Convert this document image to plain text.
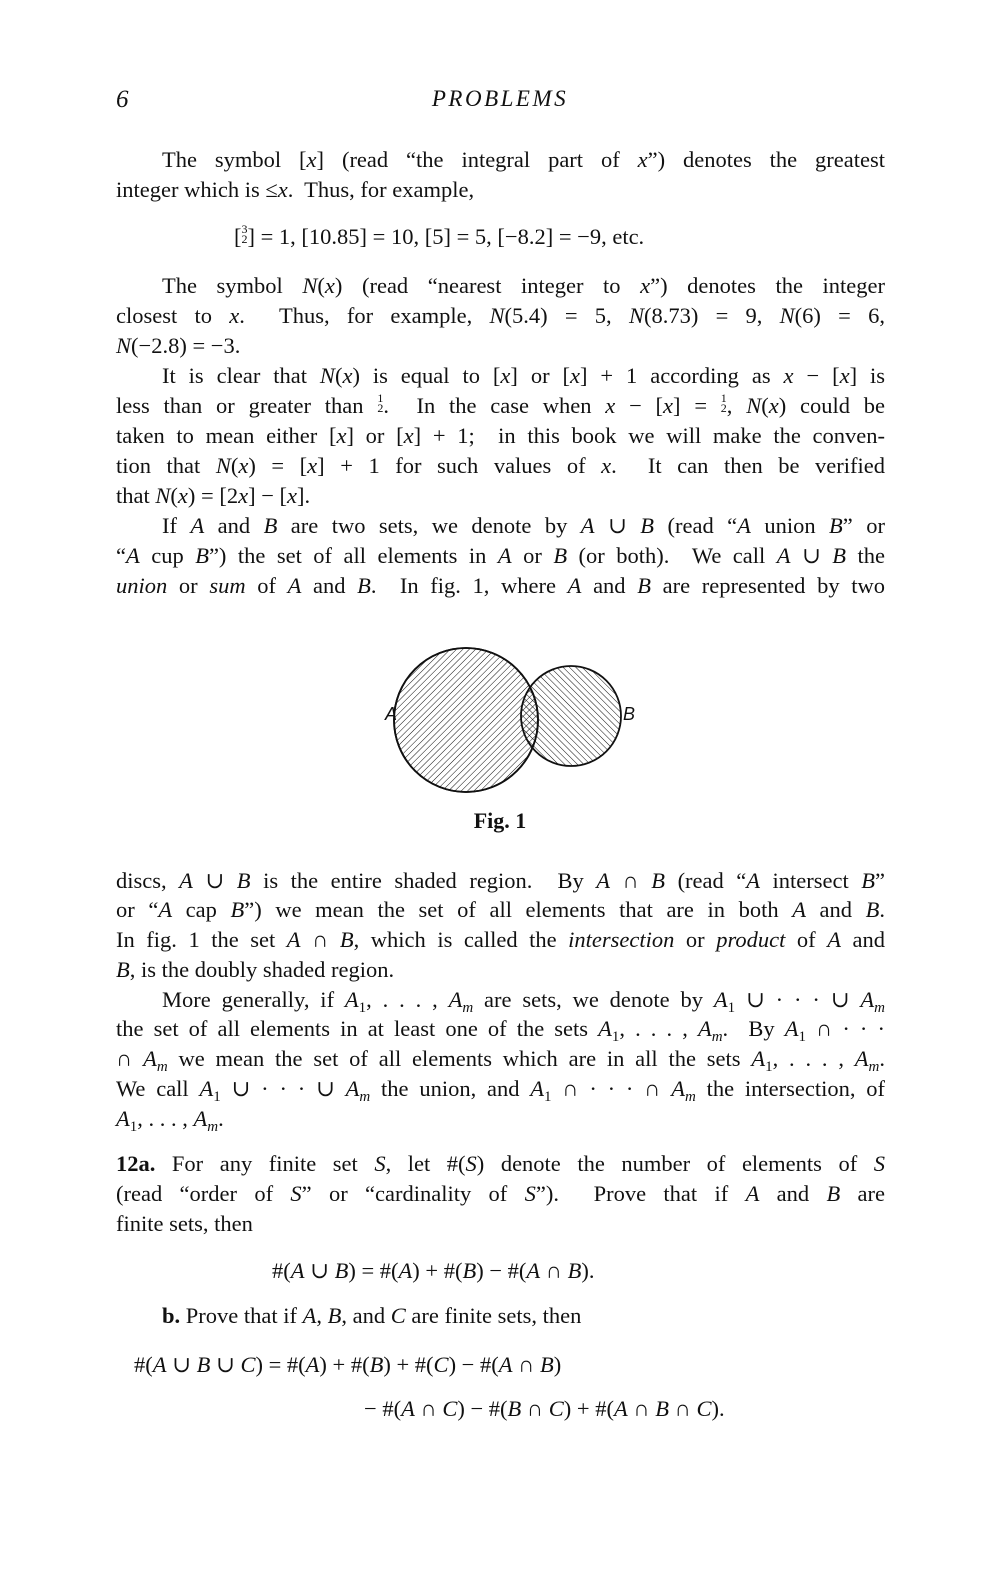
6	PROBLEMS
The symbol [x] (read “the integral part of x”) denotes the greatest
integer which is ≤x.  Thus, for example,
[3
2] = 1, [10.85] = 10, [5] = 5, [−8.2] = −9, etc.
The symbol N(x) (read “nearest integer to x”) denotes the integer
closest to x.  Thus, for example, N(5.4) = 5, N(8.73) = 9, N(6) = 6,
N(−2.8) = −3.
It is clear that N(x) is equal to [x] or [x] + 1 according as x − [x] is
less than or greater than 1
2.  In the case when x − [x] = 1
2, N(x) could be
taken to mean either [x] or [x] + 1;  in this book we will make the conven-
tion that N(x) = [x] + 1 for such values of x.  It can then be verified
that N(x) = [2x] − [x].
If A and B are two sets, we denote by A ∪ B (read “A union B” or
“A cup B”) the set of all elements in A or B (or both).  We call A ∪ B the
union or sum of A and B.  In fig. 1, where A and B are represented by two
A	B
Fig. 1
discs, A ∪ B is the entire shaded region.  By A ∩ B (read “A intersect B”
or “A cap B”) we mean the set of all elements that are in both A and B.
In fig. 1 the set A ∩ B, which is called the intersection or product of A and
B, is the doubly shaded region.
More generally, if $A_1$, . . . , $A_m$ are sets, we denote by $A_1$ ∪ · · · ∪ $A_m$
the set of all elements in at least one of the sets $A_1$, . . . , $A_m$.  By $A_1$ ∩ · · ·
∩ $A_m$ we mean the set of all elements which are in all the sets $A_1$, . . . , $A_m$.
We call $A_1$ ∪ · · · ∪ $A_m$ the union, and $A_1$ ∩ · · · ∩ $A_m$ the intersection, of
$A_1$, . . . , $A_m$.
12a. For any finite set S, let #(S) denote the number of elements of S
(read “order of S” or “cardinality of S”).  Prove that if A and B are
finite sets, then
#(A ∪ B) = #(A) + #(B) − #(A ∩ B).
b. Prove that if A, B, and C are finite sets, then
#(A ∪ B ∪ C) = #(A) + #(B) + #(C) − #(A ∩ B)
− #(A ∩ C) − #(B ∩ C) + #(A ∩ B ∩ C).
